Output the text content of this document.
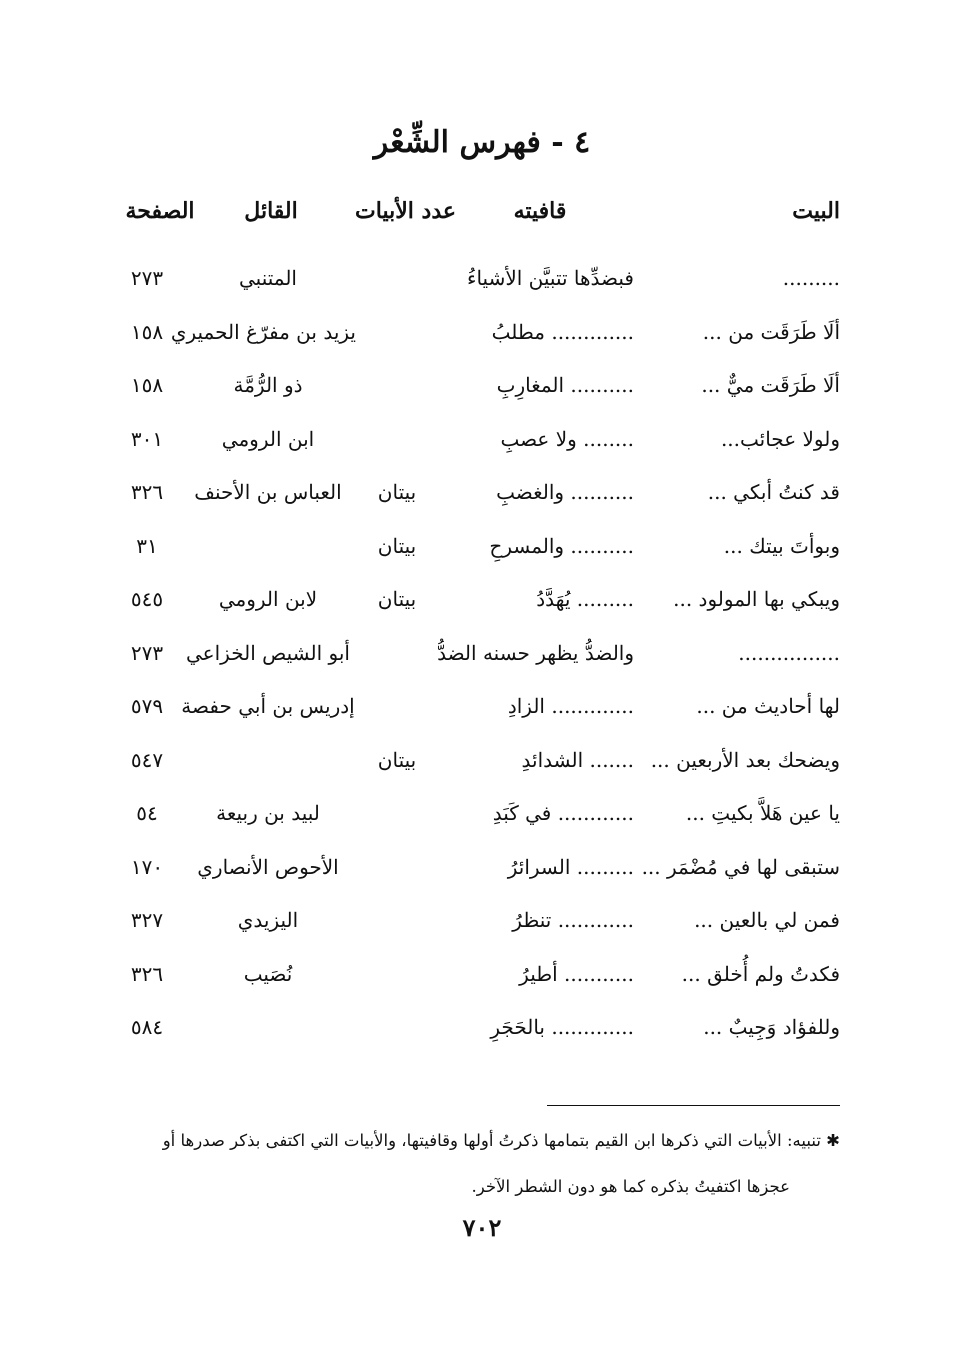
٤ - فهرس الشِّعْر
البيت
قافيته
عدد الأبيات
القائل
الصفحة
.........
فبضدِّها تتبيَّن الأشياءُ
المتنبي
٢٧٣
ألَا طَرَقَت من ...
............. مطلبُ
يزيد بن مفرّغ الحميري
١٥٨
ألَا طَرَقَت ميٌّ ...
.......... المغارِبِ
ذو الرُّمَّة
١٥٨
ولولا عجائب...
........ ولا عصبِ
ابن الرومي
٣٠١
قد كنتُ أبكي ...
.......... والغضبِ
بيتان
العباس بن الأحنف
٣٢٦
وبوأتَ بيتك ...
.......... والمسرحِ
بيتان
٣١
ويبكي بها المولود ...
......... يُهَدَّدُ
بيتان
لابن الرومي
٥٤٥
................
والضدُّ يظهر حسنه الضدُّ
أبو الشيص الخزاعي
٢٧٣
لها أحاديث من ...
............. الزادِ
إدريس بن أبي حفصة
٥٧٩
ويضحك بعد الأربعين ...
....... الشدائدِ
بيتان
٥٤٧
يا عين هَلاَّ بكيتِ ...
............ في كَبَدِ
لبيد بن ربيعة
٥٤
ستبقى لها في مُضْمَر ...
......... السرائرُ
الأحوص الأنصاري
١٧٠
فمن لي بالعين ...
............ تنظرُ
اليزيدي
٣٢٧
فكدتُ ولم أُخلق ...
........... أطيرُ
نُصَيب
٣٢٦
وللفؤاد وَجِيبٌ ...
............. بالحَجَرِ
٥٨٤

✱ تنبيه: الأبيات التي ذكرها ابن القيم بتمامها ذكرتُ أولها وقافيتها، والأبيات التي اكتفى بذكر صدرها أو

عجزها اكتفيتُ بذكره كما هو دون الشطر الآخر.

٧٠٢
